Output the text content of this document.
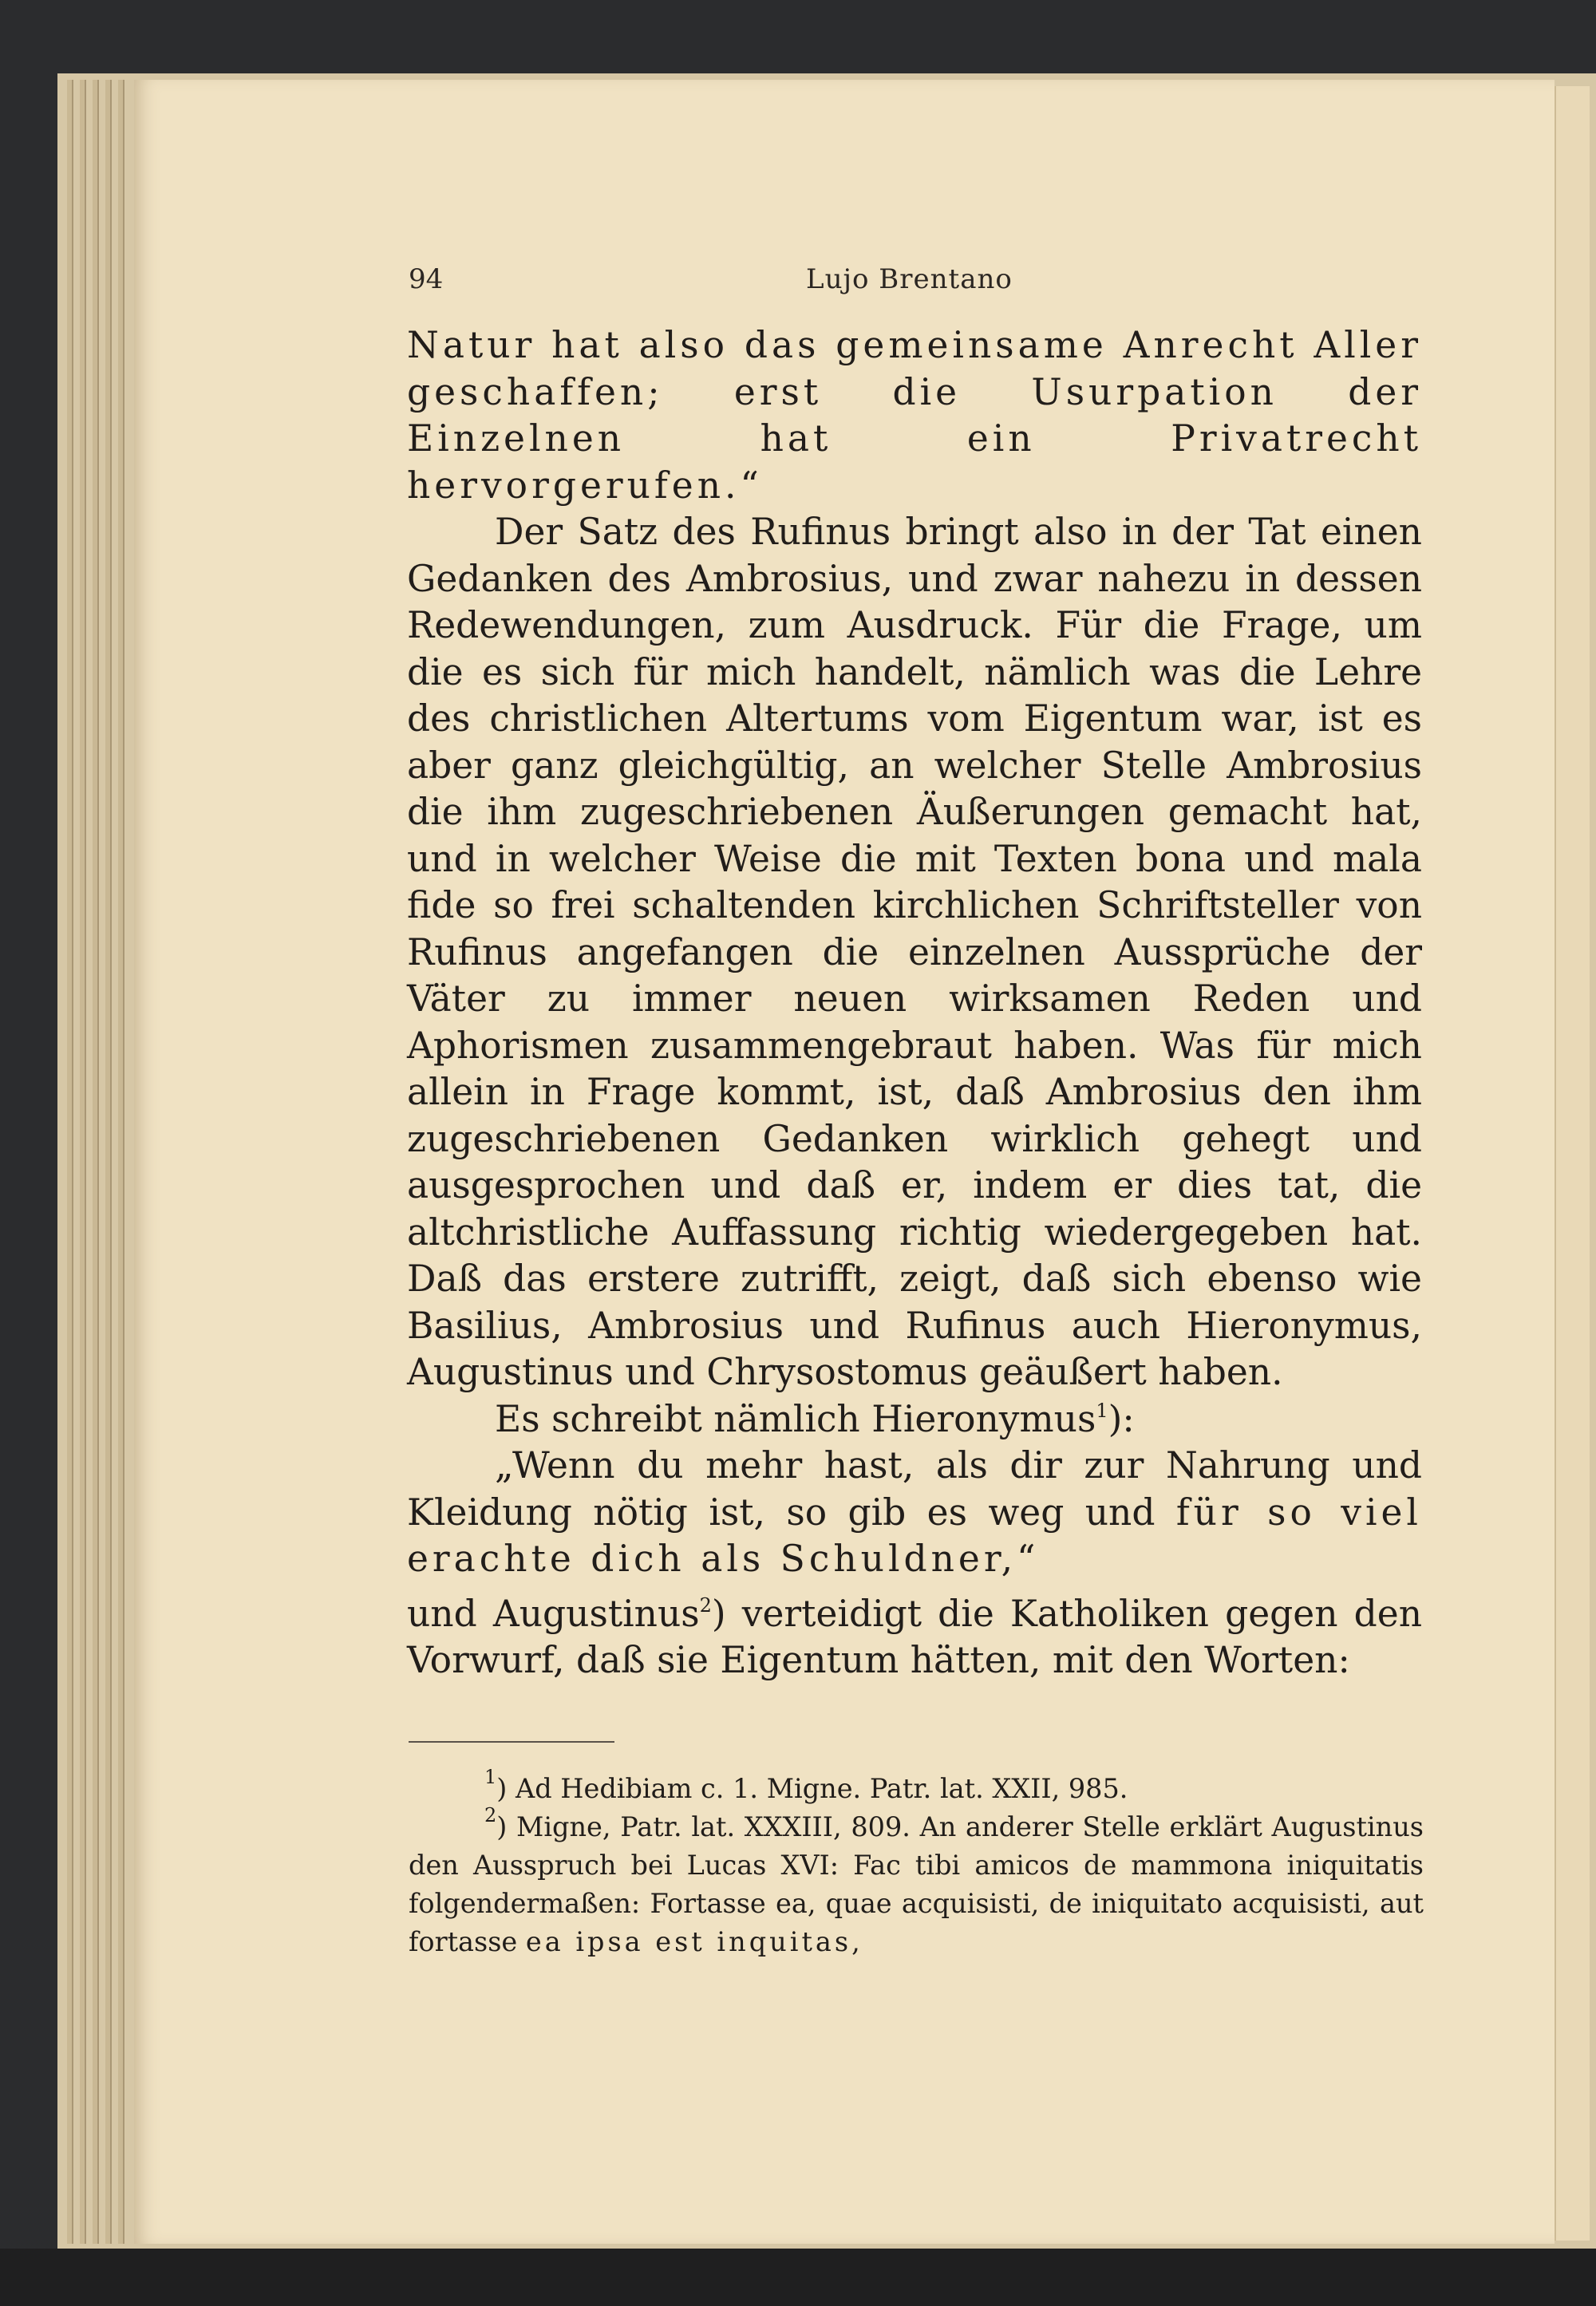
94	Lujo Brentano

Natur hat also das gemeinsame Anrecht Aller geschaffen; erst die Usurpation der Einzelnen hat ein Privatrecht hervorgerufen.“

Der Satz des Rufinus bringt also in der Tat einen Gedanken des Ambrosius, und zwar nahezu in dessen Redewendungen, zum Ausdruck. Für die Frage, um die es sich für mich handelt, nämlich was die Lehre des christlichen Altertums vom Eigentum war, ist es aber ganz gleichgültig, an welcher Stelle Ambrosius die ihm zugeschriebenen Äußerungen gemacht hat, und in welcher Weise die mit Texten bona und mala fide so frei schaltenden kirchlichen Schriftsteller von Rufinus angefangen die einzelnen Aussprüche der Väter zu immer neuen wirksamen Reden und Aphorismen zusammengebraut haben. Was für mich allein in Frage kommt, ist, daß Ambrosius den ihm zugeschriebenen Gedanken wirklich gehegt und ausgesprochen und daß er, indem er dies tat, die altchristliche Auffassung richtig wiedergegeben hat. Daß das erstere zutrifft, zeigt, daß sich ebenso wie Basilius, Ambrosius und Rufinus auch Hieronymus, Augustinus und Chrysostomus geäußert haben.

Es schreibt nämlich Hieronymus$^1$):

„Wenn du mehr hast, als dir zur Nahrung und Kleidung nötig ist, so gib es weg und für so viel erachte dich als Schuldner,“

und Augustinus$^2$) verteidigt die Katholiken gegen den Vorwurf, daß sie Eigentum hätten, mit den Worten:

$^1$) Ad Hedibiam c. 1. Migne. Patr. lat. XXII, 985.

$^2$) Migne, Patr. lat. XXXIII, 809. An anderer Stelle erklärt Augustinus den Ausspruch bei Lucas XVI: Fac tibi amicos de mammona iniquitatis folgendermaßen: Fortasse ea, quae acquisisti, de iniquitato acquisisti, aut fortasse ea ipsa est inquitas,
